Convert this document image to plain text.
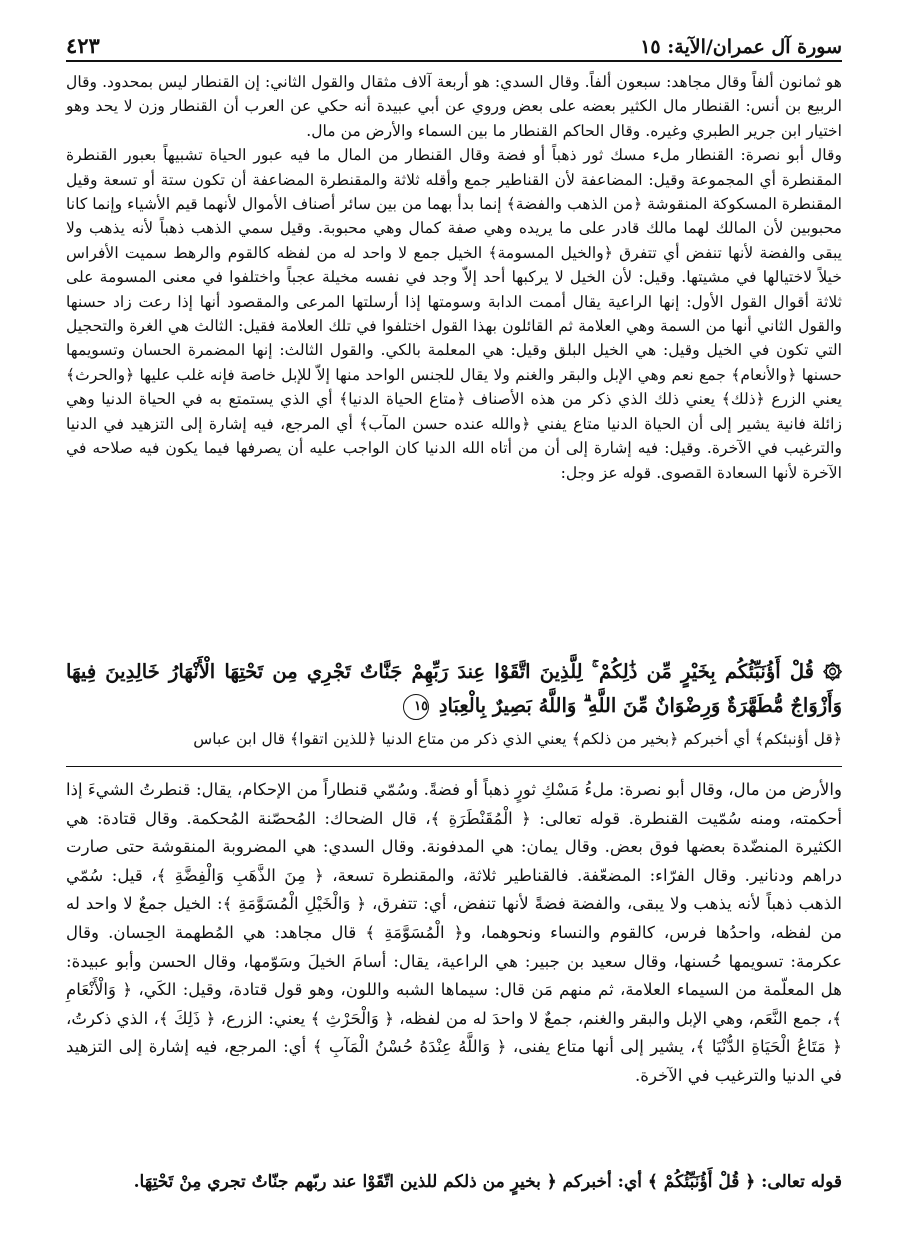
٤٢٣	سورة آل عمران/الآية: ١٥

هو ثمانون ألفاً وقال مجاهد: سبعون ألفاً. وقال السدي: هو أربعة آلاف مثقال والقول الثاني: إن القنطار ليس بمحدود. وقال الربيع بن أنس: القنطار مال الكثير بعضه على بعض وروي عن أبي عبيدة أنه حكي عن العرب أن القنطار وزن لا يحد وهو اختيار ابن جرير الطبري وغيره. وقال الحاكم القنطار ما بين السماء والأرض من مال.

وقال أبو نصرة: القنطار ملء مسك ثور ذهباً أو فضة وقال القنطار من المال ما فيه عبور الحياة تشبيهاً بعبور القنطرة المقنطرة أي المجموعة وقيل: المضاعفة لأن القناطير جمع وأقله ثلاثة والمقنطرة المضاعفة أن تكون ستة أو تسعة وقيل المقنطرة المسكوكة المنقوشة ﴿من الذهب والفضة﴾ إنما بدأ بهما من بين سائر أصناف الأموال لأنهما قيم الأشياء وإنما كانا محبوبين لأن المالك لهما مالك قادر على ما يريده وهي صفة كمال وهي محبوبة. وقيل سمي الذهب ذهباً لأنه يذهب ولا يبقى والفضة لأنها تنفض أي تتفرق ﴿والخيل المسومة﴾ الخيل جمع لا واحد له من لفظه كالقوم والرهط سميت الأفراس خيلاً لاختيالها في مشيتها. وقيل: لأن الخيل لا يركبها أحد إلاّ وجد في نفسه مخيلة عجباً واختلفوا في معنى المسومة على ثلاثة أقوال القول الأول: إنها الراعية يقال أممت الدابة وسومتها إذا أرسلتها المرعى والمقصود أنها إذا رعت زاد حسنها والقول الثاني أنها من السمة وهي العلامة ثم القائلون بهذا القول اختلفوا في تلك العلامة فقيل: الثالث هي الغرة والتحجيل التي تكون في الخيل وقيل: هي الخيل البلق وقيل: هي المعلمة بالكي. والقول الثالث: إنها المضمرة الحسان وتسويمها حسنها ﴿والأنعام﴾ جمع نعم وهي الإبل والبقر والغنم ولا يقال للجنس الواحد منها إلاّ للإبل خاصة فإنه غلب عليها ﴿والحرث﴾ يعني الزرع ﴿ذلك﴾ يعني ذلك الذي ذكر من هذه الأصناف ﴿متاع الحياة الدنيا﴾ أي الذي يستمتع به في الحياة الدنيا وهي زائلة فانية يشير إلى أن الحياة الدنيا متاع يفني ﴿والله عنده حسن المآب﴾ أي المرجع، فيه إشارة إلى التزهيد في الدنيا والترغيب في الآخرة. وقيل: فيه إشارة إلى أن من أتاه الله الدنيا كان الواجب عليه أن يصرفها فيما يكون فيه صلاحه في الآخرة لأنها السعادة القصوى. قوله عز وجل:

۞ قُلْ أَؤُنَبِّئُكُم بِخَيْرٍ مِّن ذَٰلِكُمْ ۚ لِلَّذِينَ اتَّقَوْا عِندَ رَبِّهِمْ جَنَّاتٌ تَجْرِي مِن تَحْتِهَا الْأَنْهَارُ خَالِدِينَ فِيهَا وَأَزْوَاجٌ مُّطَهَّرَةٌ وَرِضْوَانٌ مِّنَ اللَّهِ ۗ وَاللَّهُ بَصِيرٌ بِالْعِبَادِ ١٥
﴿قل أؤنبئكم﴾ أي أخبركم ﴿بخير من ذلكم﴾ يعني الذي ذكر من متاع الدنيا ﴿للذين اتقوا﴾ قال ابن عباس
والأرض من مال، وقال أبو نصرة: ملءُ مَسْكِ ثورٍ ذهباً أو فضةً. وسُمّي قنطاراً من الإحكام، يقال: قنطرتُ الشيءَ إذا أحكمته، ومنه سُمّيت القنطرة. قوله تعالى: ﴿ الْمُقَنْطَرَةِ ﴾، قال الضحاك: المُحصّنة المُحكمة. وقال قتادة: هي الكثيرة المنضّدة بعضها فوق بعض. وقال يمان: هي المدفونة. وقال السدي: هي المضروبة المنقوشة حتى صارت دراهم ودنانير. وقال الفرّاء: المضعّفة. فالقناطير ثلاثة، والمقنطرة تسعة، ﴿ مِنَ الذَّهَبِ وَالْفِضَّةِ ﴾، قيل: سُمّي الذهب ذهباً لأنه يذهب ولا يبقى، والفضة فضةً لأنها تنفض، أي: تتفرق، ﴿ وَالْخَيْلِ الْمُسَوَّمَةِ ﴾: الخيل جمعٌ لا واحد له من لفظه، واحدُها فرس، كالقوم والنساء ونحوهما، و﴿ الْمُسَوَّمَةِ ﴾ قال مجاهد: هي المُطهمة الحِسان. وقال عكرمة: تسويمها حُسنها، وقال سعيد بن جبير: هي الراعية، يقال: أسامَ الخيلَ وسَوّمها، وقال الحسن وأبو عبيدة: هل المعلّمة من السيماء العلامة، ثم منهم مَن قال: سيماها الشبه واللون، وهو قول قتادة، وقيل: الكَي، ﴿ وَالْأَنْعَامِ ﴾، جمع النَّعَم، وهي الإبل والبقر والغنم، جمعٌ لا واحدَ له من لفظه، ﴿ وَالْحَرْثِ ﴾ يعني: الزرع، ﴿ ذَلِكَ ﴾، الذي ذكرتُ، ﴿ مَتَاعُ الْحَيَاةِ الدُّنْيَا ﴾، يشير إلى أنها متاع يفنى، ﴿ وَاللَّهُ عِنْدَهُ حُسْنُ الْمَآبِ ﴾ أي: المرجع، فيه إشارة إلى التزهيد في الدنيا والترغيب في الآخرة.
قوله تعالى: ﴿ قُلْ أَؤُنَبِّئُكُمْ ﴾ أي: أخبركم ﴿ بخيرٍ من ذلكم للذين اتّقَوْا عند ربّهم جنّاتٌ تجري مِنْ تَحْتِهَا.
